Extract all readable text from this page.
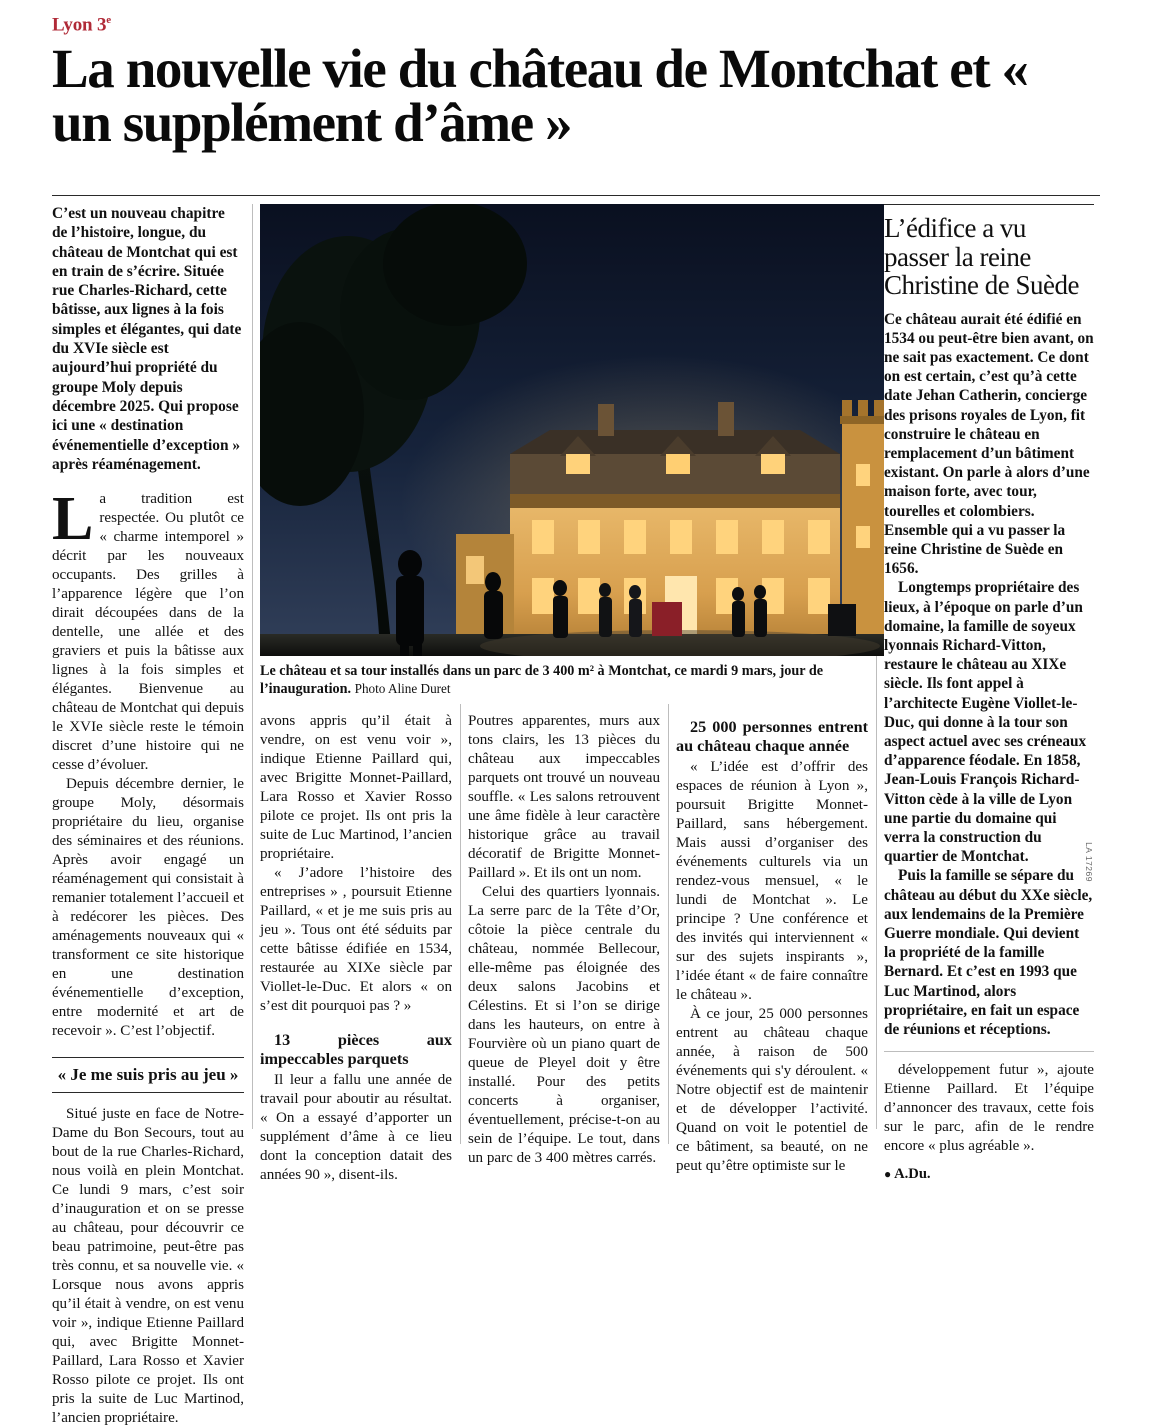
Lyon 3e
La nouvelle vie du château de Montchat et « un supplément d’âme »
Le château et sa tour installés dans un parc de 3 400 m² à Montchat, ce mardi 9 mars, jour de l’inauguration. Photo Aline Duret

C’est un nouveau chapitre de l’histoire, longue, du château de Montchat qui est en train de s’écrire. Située rue Charles-Richard, cette bâtisse, aux lignes à la fois simples et élégantes, qui date du XVIe siècle est aujourd’hui propriété du groupe Moly depuis décembre 2025. Qui propose ici une « destination événementielle d’exception » après réaménagement.

La tradition est respectée. Ou plutôt ce « charme intemporel » décrit par les nouveaux occupants. Des grilles à l’apparence légère que l’on dirait découpées dans de la dentelle, une allée et des graviers et puis la bâtisse aux lignes à la fois simples et élégantes. Bienvenue au château de Montchat qui depuis le XVIe siècle reste le témoin discret d’une histoire qui ne cesse d’évoluer.

Depuis décembre dernier, le groupe Moly, désormais propriétaire du lieu, organise des séminaires et des réunions. Après avoir engagé un réaménagement qui consistait à remanier totalement l’accueil et à redécorer les pièces. Des aménagements nouveaux qui « transforment ce site historique en une destination événementielle d’exception, entre modernité et art de recevoir ». C’est l’objectif.

« Je me suis pris au jeu »

Situé juste en face de Notre-Dame du Bon Secours, tout au bout de la rue Charles-Richard, nous voilà en plein Montchat. Ce lundi 9 mars, c’est soir d’inauguration et on se presse au château, pour découvrir ce beau patrimoine, peut-être pas très connu, et sa nouvelle vie. « Lorsque nous avons appris qu’il était à vendre, on est venu voir », indique Etienne Paillard qui, avec Brigitte Monnet-Paillard, Lara Rosso et Xavier Rosso pilote ce projet. Ils ont pris la suite de Luc Martinod, l’ancien propriétaire.

avons appris qu’il était à vendre, on est venu voir », indique Etienne Paillard qui, avec Brigitte Monnet-Paillard, Lara Rosso et Xavier Rosso pilote ce projet. Ils ont pris la suite de Luc Martinod, l’ancien propriétaire.

« J’adore l’histoire des entreprises » , poursuit Etienne Paillard, « et je me suis pris au jeu ». Tous ont été séduits par cette bâtisse édifiée en 1534, restaurée au XIXe siècle par Viollet-le-Duc. Et alors « on s’est dit pourquoi pas ? »

13 pièces aux impeccables parquets

Il leur a fallu une année de travail pour aboutir au résultat. « On a essayé d’apporter un supplément d’âme à ce lieu dont la conception datait des années 90 », disent-ils.

Poutres apparentes, murs aux tons clairs, les 13 pièces du château aux impeccables parquets ont trouvé un nouveau souffle. « Les salons retrouvent une âme fidèle à leur caractère historique grâce au travail décoratif de Brigitte Monnet-Paillard ». Et ils ont un nom.

Celui des quartiers lyonnais. La serre parc de la Tête d’Or, côtoie la pièce centrale du château, nommée Bellecour, elle-même pas éloignée des deux salons Jacobins et Célestins. Et si l’on se dirige dans les hauteurs, on entre à Fourvière où un piano quart de queue de Pleyel doit y être installé. Pour des petits concerts à organiser, éventuellement, précise-t-on au sein de l’équipe. Le tout, dans un parc de 3 400 mètres carrés.

25 000 personnes entrent au château chaque année

« L’idée est d’offrir des espaces de réunion à Lyon », poursuit Brigitte Monnet-Paillard, sans hébergement. Mais aussi d’organiser des événements culturels via un rendez-vous mensuel, « le lundi de Montchat ». Le principe ? Une conférence et des invités qui interviennent « sur des sujets inspirants », l’idée étant « de faire connaître le château ».

À ce jour, 25 000 personnes entrent au château chaque année, à raison de 500 événements qui s'y déroulent. « Notre objectif est de maintenir et de développer l’activité. Quand on voit le potentiel de ce bâtiment, sa beauté, on ne peut qu’être optimiste sur le

L’édifice a vu passer la reine Christine de Suède

Ce château aurait été édifié en 1534 ou peut-être bien avant, on ne sait pas exactement. Ce dont on est certain, c’est qu’à cette date Jehan Catherin, concierge des prisons royales de Lyon, fit construire le château en remplacement d’un bâtiment existant. On parle à alors d’une maison forte, avec tour, tourelles et colombiers. Ensemble qui a vu passer la reine Christine de Suède en 1656.

Longtemps propriétaire des lieux, à l’époque on parle d’un domaine, la famille de soyeux lyonnais Richard-Vitton, restaure le château au XIXe siècle. Ils font appel à l’architecte Eugène Viollet-le-Duc, qui donne à la tour son aspect actuel avec ses créneaux d’apparence féodale. En 1858, Jean-Louis François Richard-Vitton cède à la ville de Lyon une partie du domaine qui verra la construction du quartier de Montchat.

Puis la famille se sépare du château au début du XXe siècle, aux lendemains de la Première Guerre mondiale. Qui devient la propriété de la famille Bernard. Et c’est en 1993 que Luc Martinod, alors propriétaire, en fait un espace de réunions et réceptions.

développement futur », ajoute Etienne Paillard. Et l’équipe d’annoncer des travaux, cette fois sur le parc, afin de le rendre encore « plus agréable ».

● A.Du.

LA 17269
